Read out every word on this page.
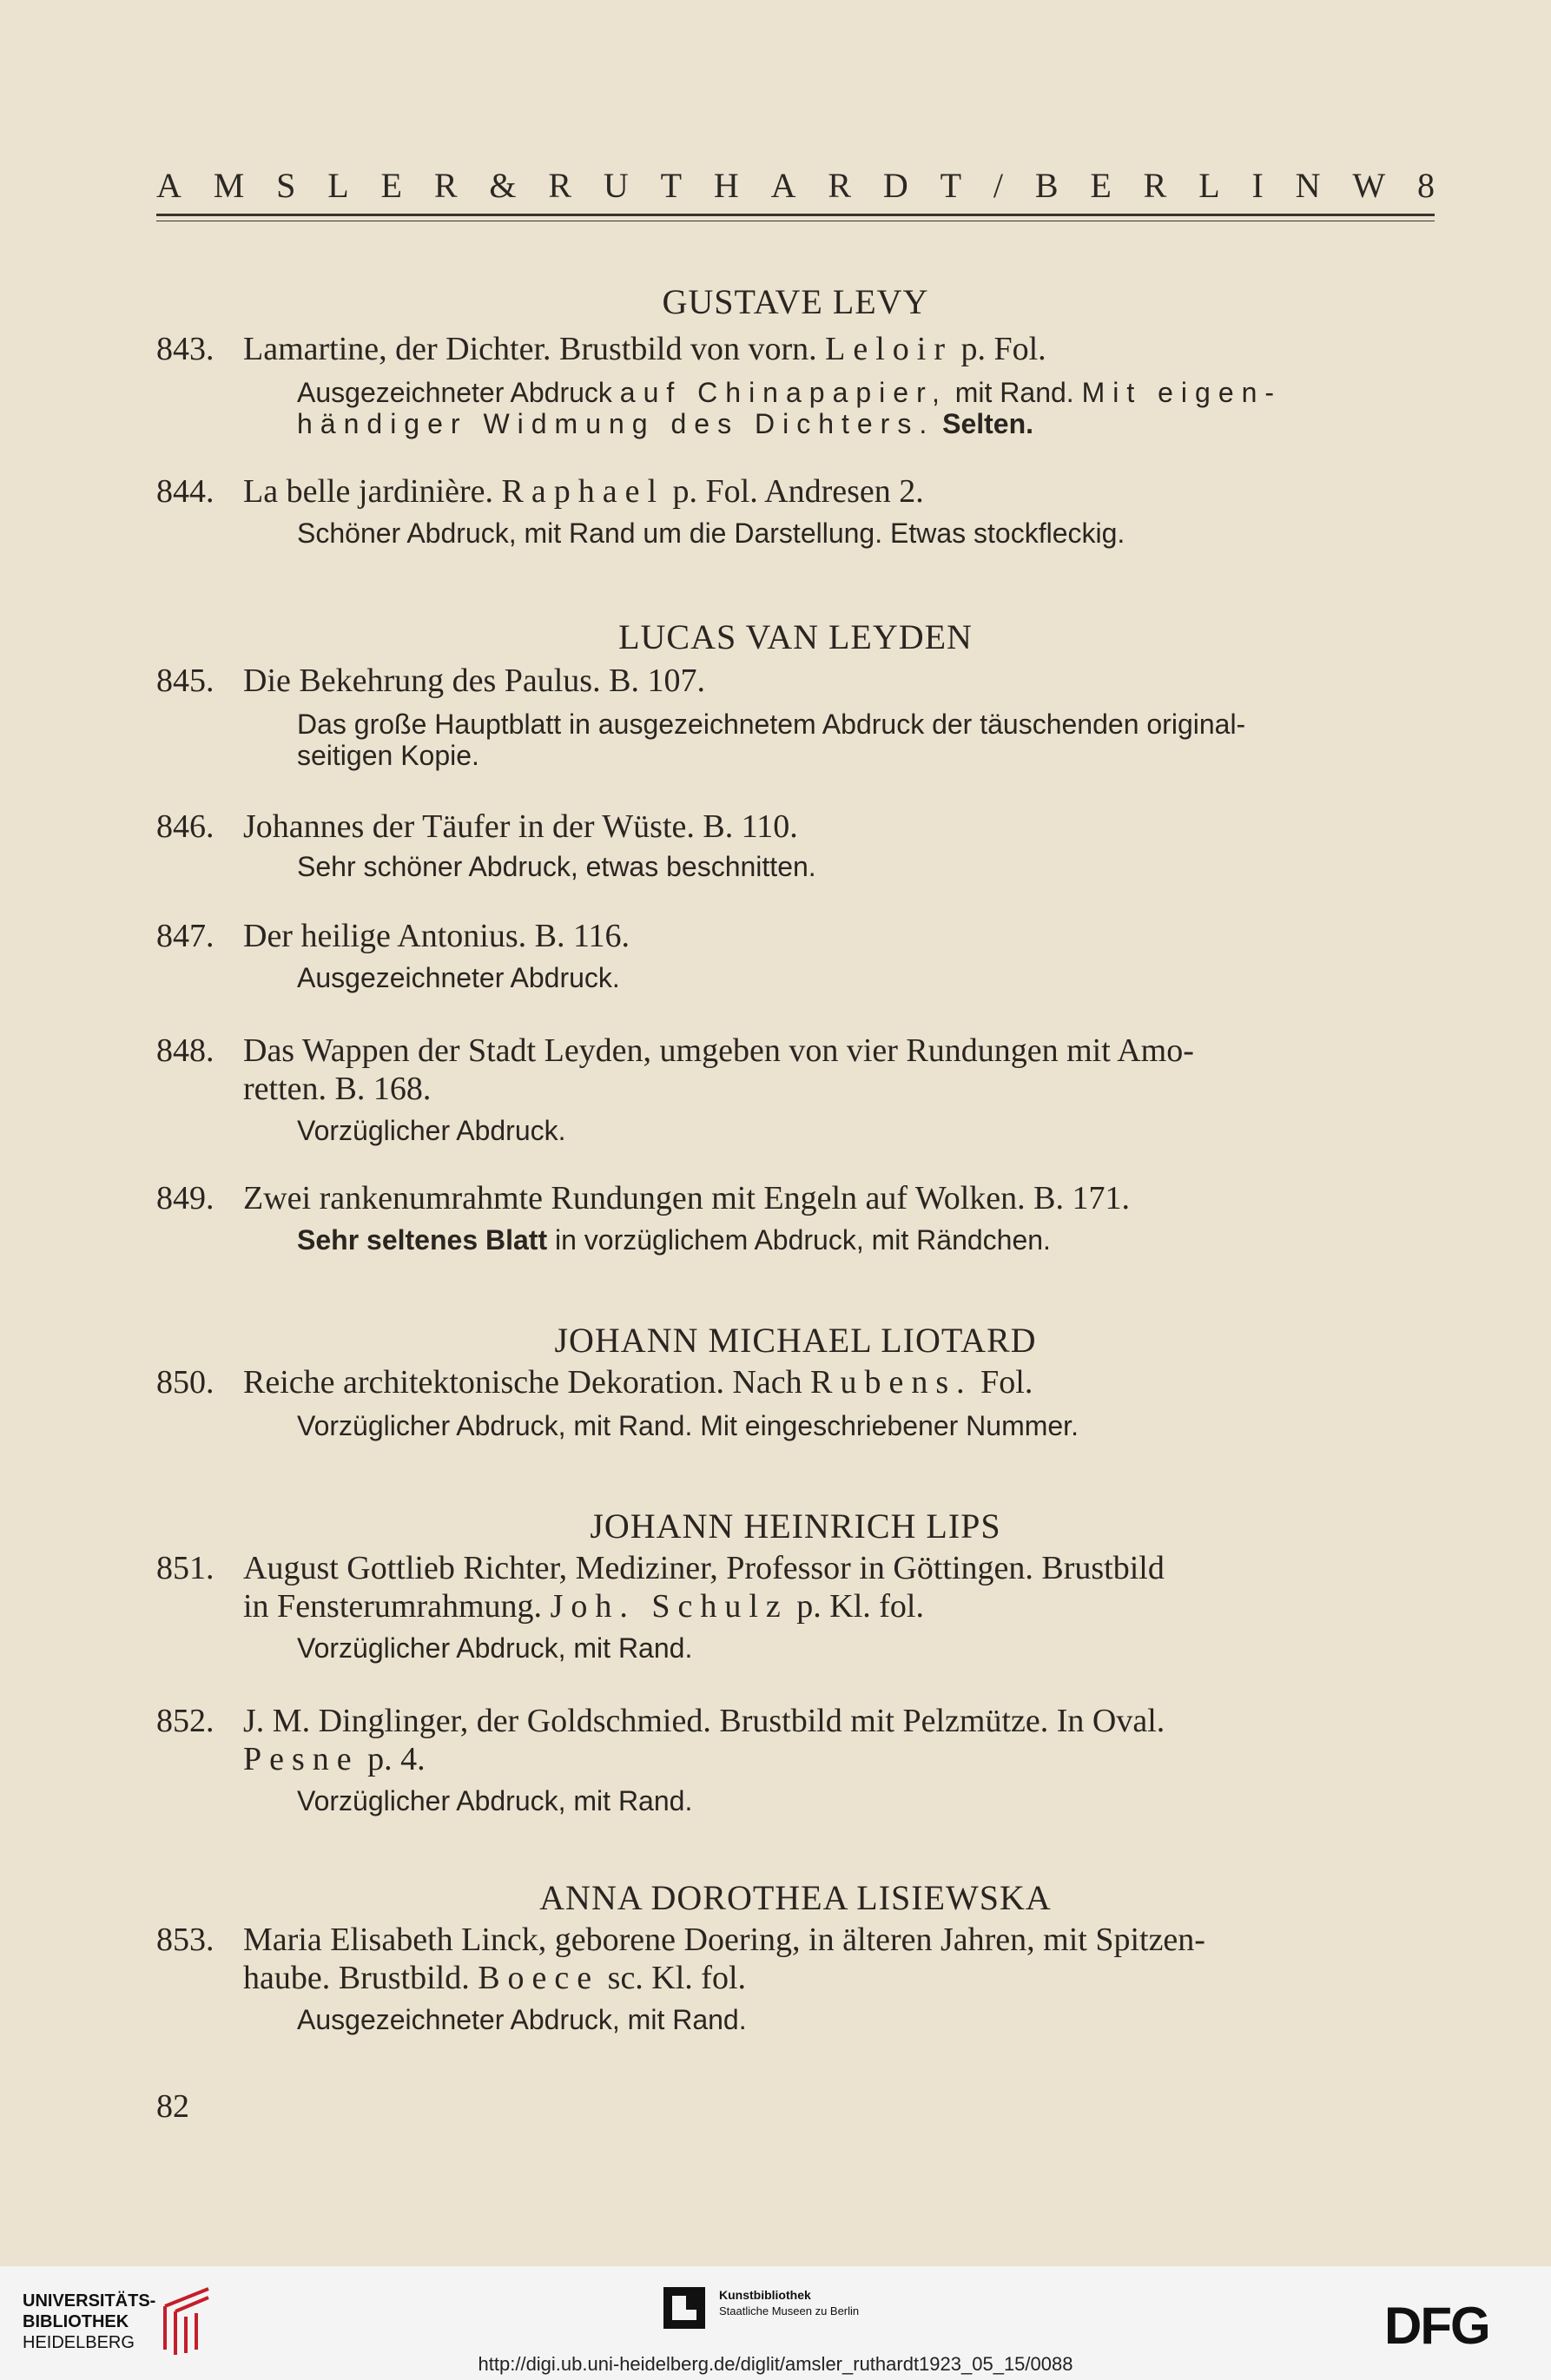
A M S L E R & R U T H A R D T / B E R L I N W 8
GUSTAVE LEVY
843. Lamartine, der Dichter. Brustbild von vorn. Leloir p. Fol.
Ausgezeichneter Abdruck auf Chinapapier, mit Rand. Mit eigen-
händiger Widmung des Dichters. Selten.
844. La belle jardinière. Raphael p. Fol. Andresen 2.
Schöner Abdruck, mit Rand um die Darstellung. Etwas stockfleckig.
LUCAS VAN LEYDEN
845. Die Bekehrung des Paulus. B. 107.
Das große Hauptblatt in ausgezeichnetem Abdruck der täuschenden original-
seitigen Kopie.
846. Johannes der Täufer in der Wüste. B. 110.
Sehr schöner Abdruck, etwas beschnitten.
847. Der heilige Antonius. B. 116.
Ausgezeichneter Abdruck.
848. Das Wappen der Stadt Leyden, umgeben von vier Rundungen mit Amo-
retten. B. 168.
Vorzüglicher Abdruck.
849. Zwei rankenumrahmte Rundungen mit Engeln auf Wolken. B. 171.
Sehr seltenes Blatt in vorzüglichem Abdruck, mit Rändchen.
JOHANN MICHAEL LIOTARD
850. Reiche architektonische Dekoration. Nach Rubens. Fol.
Vorzüglicher Abdruck, mit Rand. Mit eingeschriebener Nummer.
JOHANN HEINRICH LIPS
851. August Gottlieb Richter, Mediziner, Professor in Göttingen. Brustbild
in Fensterumrahmung. Joh. Schulz p. Kl. fol.
Vorzüglicher Abdruck, mit Rand.
852. J. M. Dinglinger, der Goldschmied. Brustbild mit Pelzmütze. In Oval.
Pesne p. 4.
Vorzüglicher Abdruck, mit Rand.
ANNA DOROTHEA LISIEWSKA
853. Maria Elisabeth Linck, geborene Doering, in älteren Jahren, mit Spitzen-
haube. Brustbild. Boece sc. Kl. fol.
Ausgezeichneter Abdruck, mit Rand.
82
UNIVERSITÄTS-
BIBLIOTHEK
HEIDELBERG
Kunstbibliothek
Staatliche Museen zu Berlin	DFG
http://digi.ub.uni-heidelberg.de/diglit/amsler_ruthardt1923_05_15/0088
